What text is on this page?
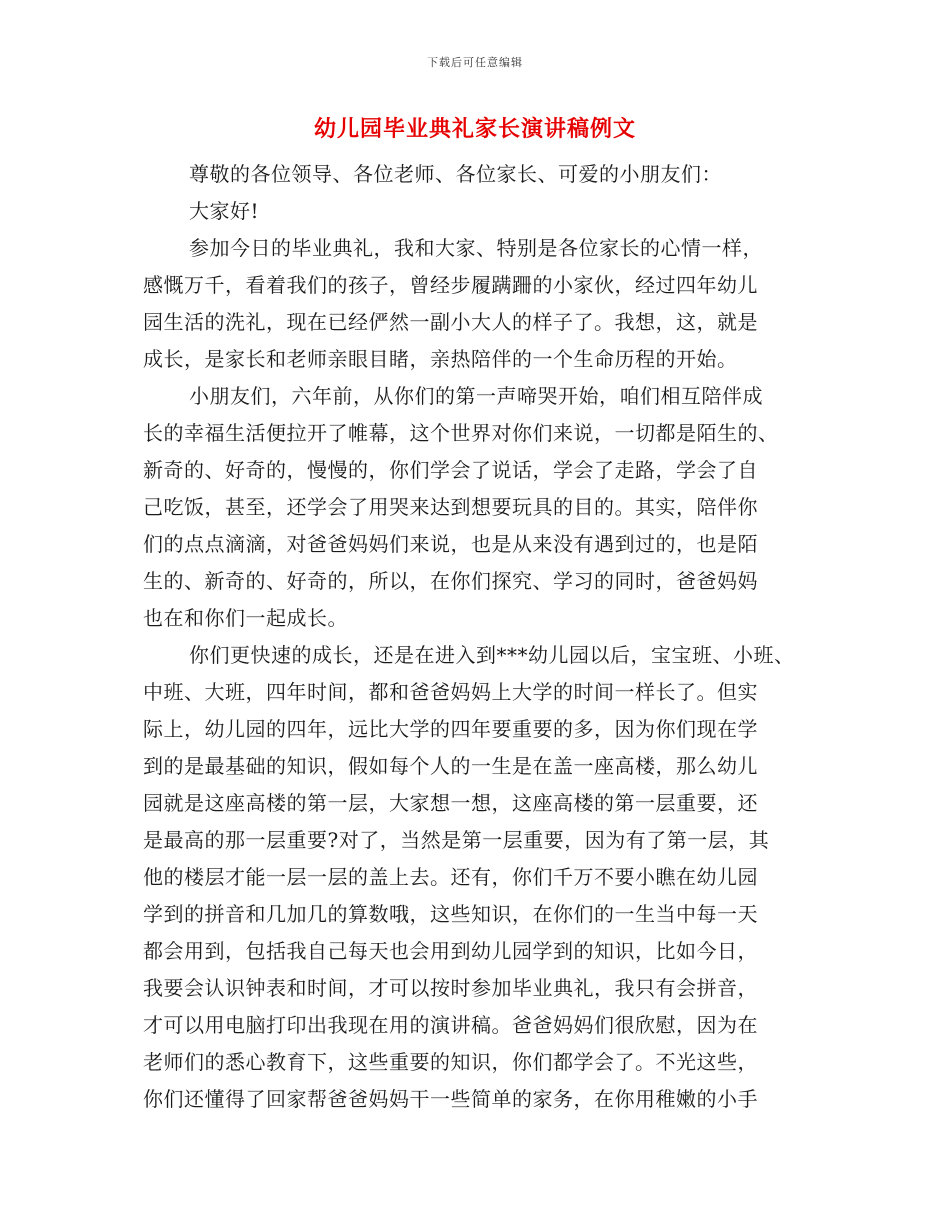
下载后可任意编辑
幼儿园毕业典礼家长演讲稿例文
尊敬的各位领导、各位老师、各位家长、可爱的小朋友们：
大家好!
参加今日的毕业典礼，我和大家、特别是各位家长的心情一样，
感慨万千，看着我们的孩子，曾经步履蹒跚的小家伙，经过四年幼儿
园生活的洗礼，现在已经俨然一副小大人的样子了。我想，这，就是
成长，是家长和老师亲眼目睹，亲热陪伴的一个生命历程的开始。
小朋友们，六年前，从你们的第一声啼哭开始，咱们相互陪伴成
长的幸福生活便拉开了帷幕，这个世界对你们来说，一切都是陌生的、
新奇的、好奇的，慢慢的，你们学会了说话，学会了走路，学会了自
己吃饭，甚至，还学会了用哭来达到想要玩具的目的。其实，陪伴你
们的点点滴滴，对爸爸妈妈们来说，也是从来没有遇到过的，也是陌
生的、新奇的、好奇的，所以，在你们探究、学习的同时，爸爸妈妈
也在和你们一起成长。
你们更快速的成长，还是在进入到***幼儿园以后，宝宝班、小班、
中班、大班，四年时间，都和爸爸妈妈上大学的时间一样长了。但实
际上，幼儿园的四年，远比大学的四年要重要的多，因为你们现在学
到的是最基础的知识，假如每个人的一生是在盖一座高楼，那么幼儿
园就是这座高楼的第一层，大家想一想，这座高楼的第一层重要，还
是最高的那一层重要?对了，当然是第一层重要，因为有了第一层，其
他的楼层才能一层一层的盖上去。还有，你们千万不要小瞧在幼儿园
学到的拼音和几加几的算数哦，这些知识，在你们的一生当中每一天
都会用到，包括我自己每天也会用到幼儿园学到的知识，比如今日，
我要会认识钟表和时间，才可以按时参加毕业典礼，我只有会拼音，
才可以用电脑打印出我现在用的演讲稿。爸爸妈妈们很欣慰，因为在
老师们的悉心教育下，这些重要的知识，你们都学会了。不光这些，
你们还懂得了回家帮爸爸妈妈干一些简单的家务，在你用稚嫩的小手
